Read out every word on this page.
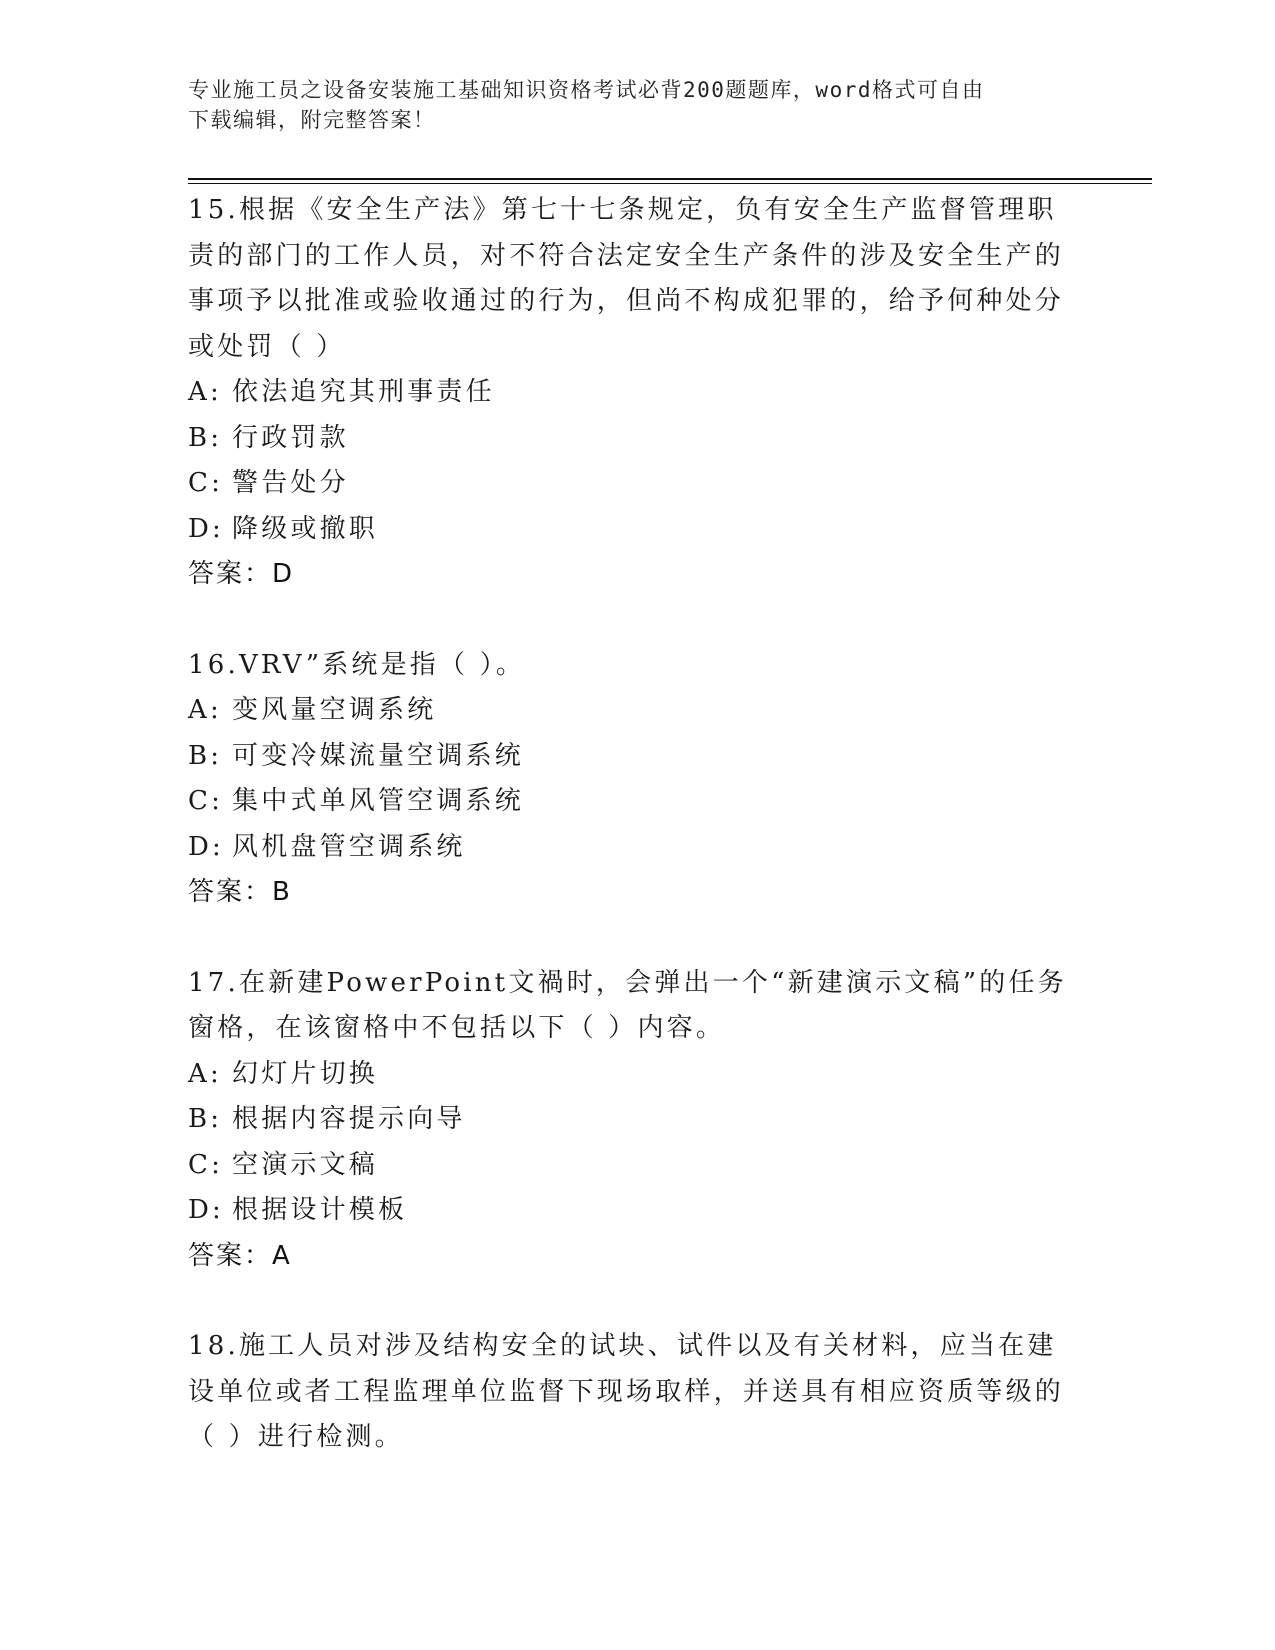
专业施工员之设备安装施工基础知识资格考试必背200题题库，word格式可自由
下载编辑，附完整答案！
15.根据《安全生产法》第七十七条规定，负有安全生产监督管理职责的部门的工作人员，对不符合法定安全生产条件的涉及安全生产的事项予以批准或验收通过的行为，但尚不构成犯罪的，给予何种处分或处罚（ ）
A: 依法追究其刑事责任
B: 行政罚款
C: 警告处分
D: 降级或撤职
答案：D
16.VRV”系统是指（ ）。
A: 变风量空调系统
B: 可变冷媒流量空调系统
C: 集中式单风管空调系统
D: 风机盘管空调系统
答案：B
17.在新建PowerPoint文禍时，会弹出一个“新建演示文稿”的任务窗格，在该窗格中不包括以下（ ）内容。
A: 幻灯片切换
B: 根据内容提示向导
C: 空演示文稿
D: 根据设计模板
答案：A
18.施工人员对涉及结构安全的试块、试件以及有关材料，应当在建设单位或者工程监理单位监督下现场取样，并送具有相应资质等级的（ ）进行检测。
